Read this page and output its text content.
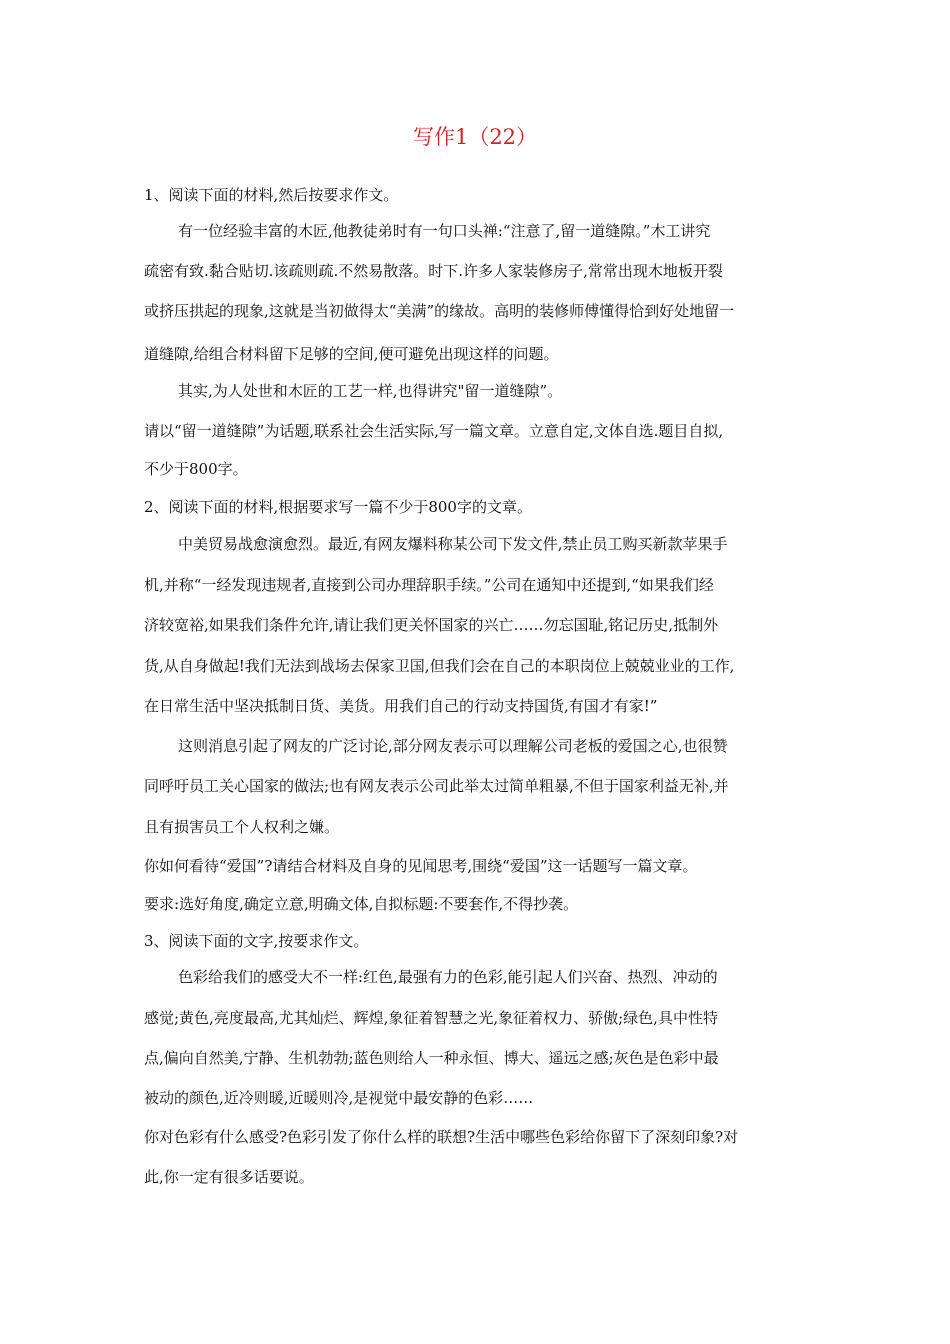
写作1（22）
1、阅读下面的材料,然后按要求作文。
有一位经验丰富的木匠,他教徒弟时有一句口头禅:“注意了,留一道缝隙。”木工讲究
疏密有致.黏合贴切.该疏则疏.不然易散落。时下.许多人家装修房子,常常出现木地板开裂
或挤压拱起的现象,这就是当初做得太“美满”的缘故。高明的装修师傅懂得恰到好处地留一
道缝隙,给组合材料留下足够的空间,便可避免出现这样的问题。
其实,为人处世和木匠的工艺一样,也得讲究"留一道缝隙”。
请以“留一道缝隙”为话题,联系社会生活实际,写一篇文章。立意自定,文体自选.题目自拟,
不少于800字。
2、阅读下面的材料,根据要求写一篇不少于800字的文章。
中美贸易战愈演愈烈。最近,有网友爆料称某公司下发文件,禁止员工购买新款苹果手
机,并称“一经发现违规者,直接到公司办理辞职手续。”公司在通知中还提到,“如果我们经
济较宽裕,如果我们条件允许,请让我们更关怀国家的兴亡……勿忘国耻,铭记历史,抵制外
货,从自身做起!我们无法到战场去保家卫国,但我们会在自己的本职岗位上兢兢业业的工作,
在日常生活中坚决抵制日货、美货。用我们自己的行动支持国货,有国才有家!”
这则消息引起了网友的广泛讨论,部分网友表示可以理解公司老板的爱国之心,也很赞
同呼吁员工关心国家的做法;也有网友表示公司此举太过简单粗暴,不但于国家利益无补,并
且有损害员工个人权利之嫌。
你如何看待“爱国”?请结合材料及自身的见闻思考,围绕“爱国”这一话题写一篇文章。
要求:选好角度,确定立意,明确文体,自拟标题:不要套作,不得抄袭。
3、阅读下面的文字,按要求作文。
色彩给我们的感受大不一样:红色,最强有力的色彩,能引起人们兴奋、热烈、冲动的
感觉;黄色,亮度最高,尤其灿烂、辉煌,象征着智慧之光,象征着权力、骄傲;绿色,具中性特
点,偏向自然美,宁静、生机勃勃;蓝色则给人一种永恒、博大、遥远之感;灰色是色彩中最
被动的颜色,近冷则暖,近暖则冷,是视觉中最安静的色彩……
你对色彩有什么感受?色彩引发了你什么样的联想?生活中哪些色彩给你留下了深刻印象?对
此,你一定有很多话要说。
